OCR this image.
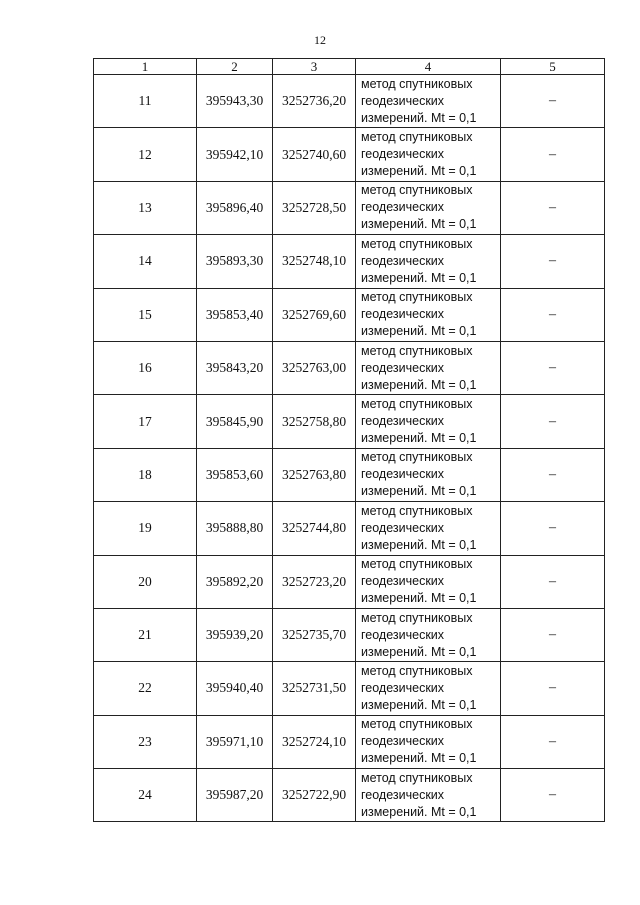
12
1	2	3	4	5
11	395943,30	3252736,20	метод спутниковых
геодезических
измерений. Mt = 0,1	–
12	395942,10	3252740,60	метод спутниковых
геодезических
измерений. Mt = 0,1	–
13	395896,40	3252728,50	метод спутниковых
геодезических
измерений. Mt = 0,1	–
14	395893,30	3252748,10	метод спутниковых
геодезических
измерений. Mt = 0,1	–
15	395853,40	3252769,60	метод спутниковых
геодезических
измерений. Mt = 0,1	–
16	395843,20	3252763,00	метод спутниковых
геодезических
измерений. Mt = 0,1	–
17	395845,90	3252758,80	метод спутниковых
геодезических
измерений. Mt = 0,1	–
18	395853,60	3252763,80	метод спутниковых
геодезических
измерений. Mt = 0,1	–
19	395888,80	3252744,80	метод спутниковых
геодезических
измерений. Mt = 0,1	–
20	395892,20	3252723,20	метод спутниковых
геодезических
измерений. Mt = 0,1	–
21	395939,20	3252735,70	метод спутниковых
геодезических
измерений. Mt = 0,1	–
22	395940,40	3252731,50	метод спутниковых
геодезических
измерений. Mt = 0,1	–
23	395971,10	3252724,10	метод спутниковых
геодезических
измерений. Mt = 0,1	–
24	395987,20	3252722,90	метод спутниковых
геодезических
измерений. Mt = 0,1	–
